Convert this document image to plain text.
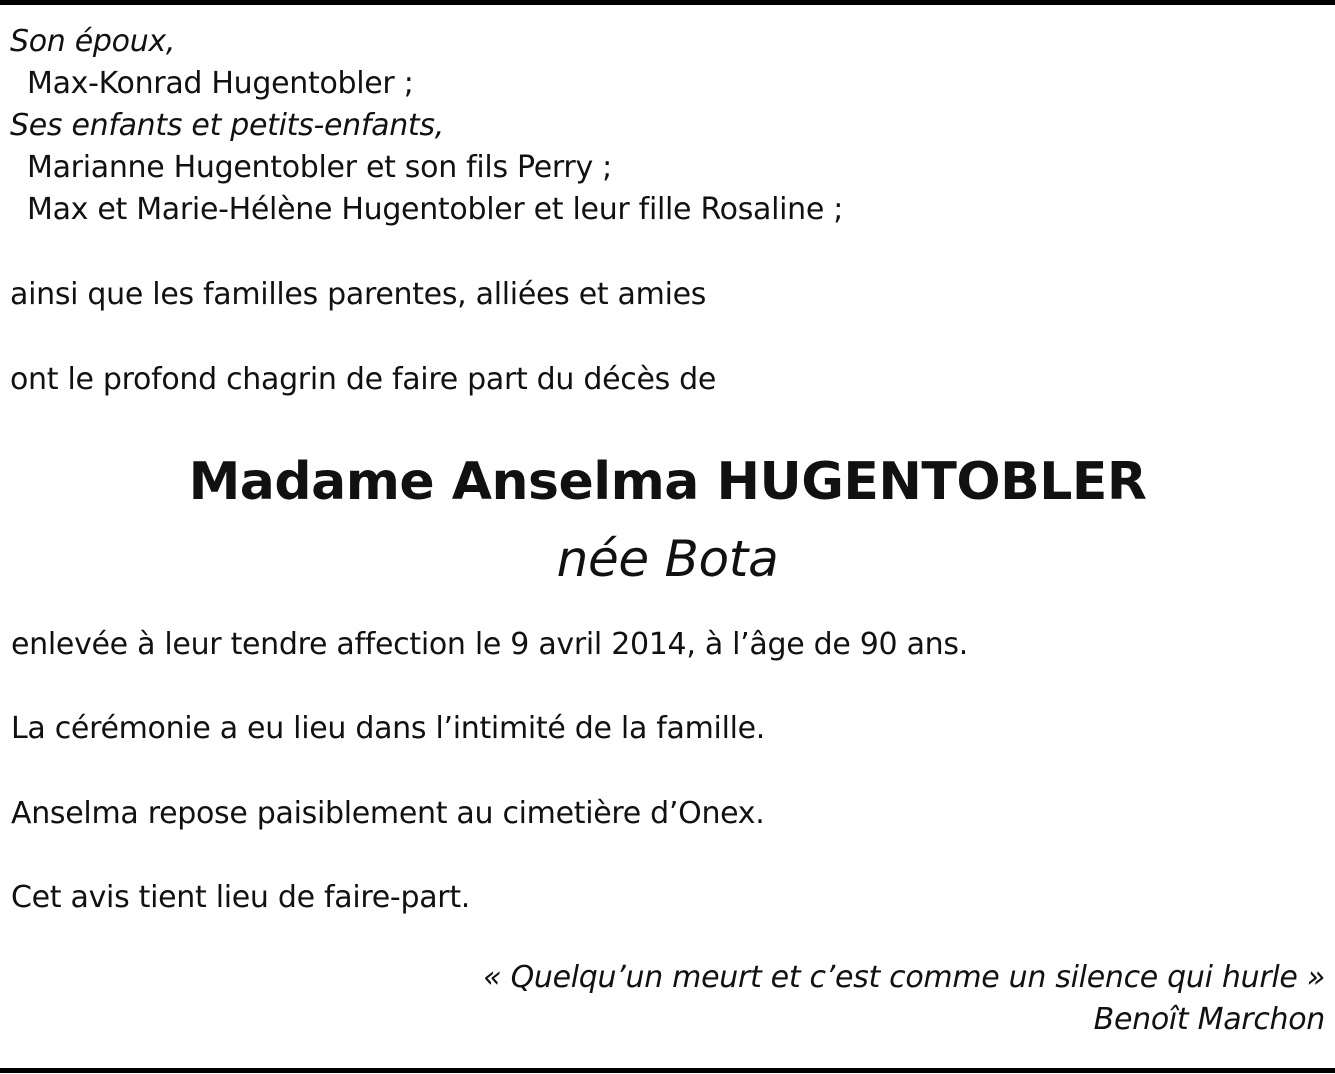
Son époux,
Max-Konrad Hugentobler ;
Ses enfants et petits-enfants,
Marianne Hugentobler et son fils Perry ;
Max et Marie-Hélène Hugentobler et leur fille Rosaline ;
ainsi que les familles parentes, alliées et amies
ont le profond chagrin de faire part du décès de
Madame Anselma HUGENTOBLER
née Bota
enlevée à leur tendre affection le 9 avril 2014, à l’âge de 90 ans.
La cérémonie a eu lieu dans l’intimité de la famille.
Anselma repose paisiblement au cimetière d’Onex.
Cet avis tient lieu de faire-part.
« Quelqu’un meurt et c’est comme un silence qui hurle »
Benoît Marchon
